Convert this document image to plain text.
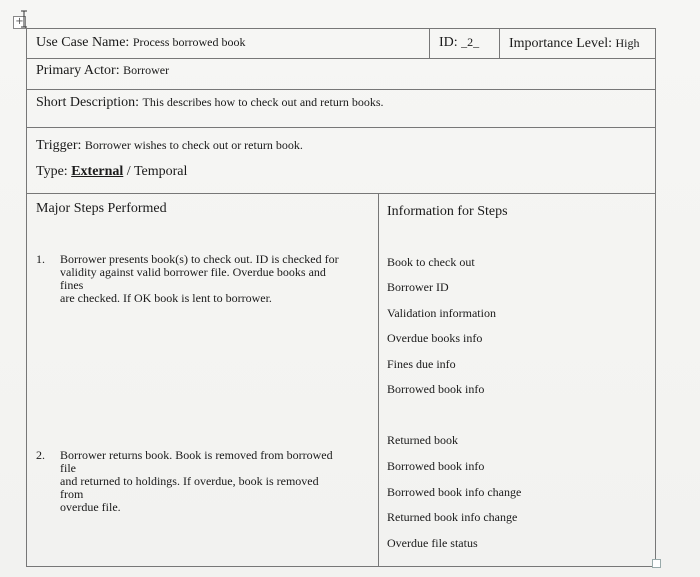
+
Use Case Name: Process borrowed book	ID: _2_ Importance Level: High
Primary Actor: Borrower
Short Description: This describes how to check out and return books.
Trigger: Borrower wishes to check out or return book.
Type: External / Temporal
Major Steps Performed	Information for Steps
1. Borrower presents book(s) to check out. ID is checked for
validity against valid borrower file. Overdue books and fines
are checked. If OK book is lent to borrower.
2. Borrower returns book. Book is removed from borrowed file
and returned to holdings. If overdue, book is removed from
overdue file.
Book to check out
Borrower ID
Validation information
Overdue books info
Fines due info
Borrowed book info
Returned book
Borrowed book info
Borrowed book info change
Returned book info change
Overdue file status
